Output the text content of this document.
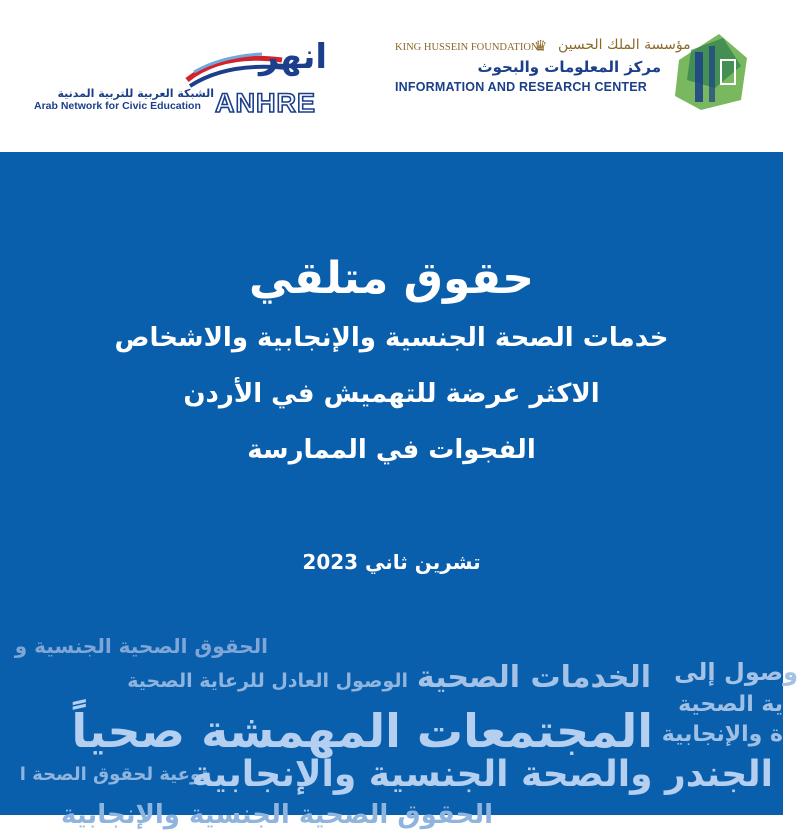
انهر
الشبكة العربية للتربية المدنية
Arab Network for Civic Education ANHRE
KING HUSSEIN FOUNDATION
♛ مؤسسة الملك الحسين
مركز المعلومات والبحوث
INFORMATION AND RESEARCH CENTER
حقوق متلقي
خدمات الصحة الجنسية والإنجابية والاشخاص
الاكثر عرضة للتهميش في الأردن
الفجوات في الممارسة
تشرين ثاني 2023
الحقوق الصحية الجنسية و
الوصول العادل للرعاية الصحية الخدمات الصحية وصول إلى
ية الصحية
المجتمعات المهمشة صحياً ة والإنجابية
توعية لحقوق الصحة ا
الجندر والصحة الجنسية والإنجابية
الحقوق الصحية الجنسية والإنجابية
